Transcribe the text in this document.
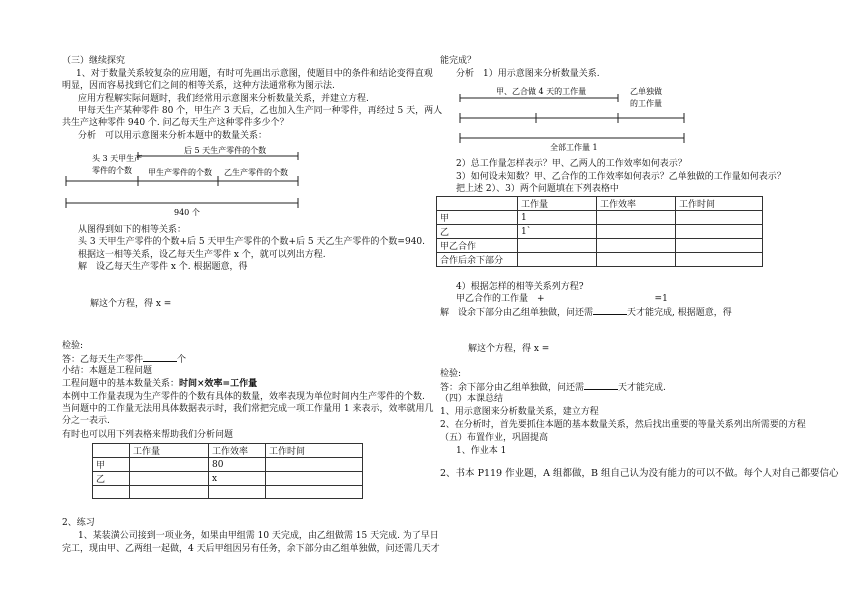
（三）继续探究
1、对于数量关系较复杂的应用题，有时可先画出示意图，使题目中的条件和结论变得直观
明显，因而容易找到它们之间的相等关系，这种方法通常称为图示法.
应用方程解实际问题时，我们经常用示意图来分析数量关系，并建立方程.
甲每天生产某种零件 80 个，甲生产 3 天后，乙也加入生产同一种零件，再经过 5 天，两人
共生产这种零件 940 个. 问乙每天生产这种零件多少个？
分析　可以用示意图来分析本题中的数量关系：
头 3 天甲生产
零件的个数
后 5 天生产零件的个数
甲生产零件的个数 乙生产零件的个数
940 个
从图得到如下的相等关系：
头 3 天甲生产零件的个数+后 5 天甲生产零件的个数+后 5 天乙生产零件的个数=940.
根据这一相等关系，设乙每天生产零件 x 个，就可以列出方程.
解　设乙每天生产零件 x 个. 根据题意，得
解这个方程，得 x =
检验:
答：乙每天生产零件	个
小结：本题是工程问题
工程问题中的基本数量关系：时间×效率=工作量
本例中工作量表现为生产零件的个数有具体的数量，效率表现为单位时间内生产零件的个数.
当问题中的工作量无法用具体数据表示时，我们常把完成一项工作量用 1 来表示，效率就用几
分之一表示.
有时也可以用下列表格来帮助我们分析问题
	工作量	工作效率	工作时间
甲		80	
乙		x	

2、练习
1、某装潢公司接到一项业务，如果由甲组需 10 天完成，由乙组做需 15 天完成. 为了早日
完工，现由甲、乙两组一起做，4 天后甲组因另有任务，余下部分由乙组单独做，问还需几天才
能完成？
分析　1）用示意图来分析数量关系.
甲、乙合做 4 天的工作量	乙单独做
的工作量
全部工作量 1
2）总工作量怎样表示？甲、乙两人的工作效率如何表示？
3）如何设未知数？甲、乙合作的工作效率如何表示？乙单独做的工作量如何表示？
把上述 2）、3）两个问题填在下列表格中
	工作量	工作效率	工作时间
甲	1		
乙	1`		
甲乙合作			
合作后余下部分			
4）根据怎样的相等关系列方程?
甲乙合作的工作量　+	=1
解　设余下部分由乙组单独做，问还需	天才能完成, 根据题意，得
解这个方程，得 x =
检验:
答：余下部分由乙组单独做，问还需	天才能完成.
（四）本课总结
1、用示意图来分析数量关系，建立方程
2、在分析时，首先要抓住本题的基本数量关系，然后找出重要的等量关系列出所需要的方程
（五）布置作业，巩固提高
1、作业本 1
2、书本 P119 作业题，A 组都做，B 组自己认为没有能力的可以不做。每个人对自己都要信心
